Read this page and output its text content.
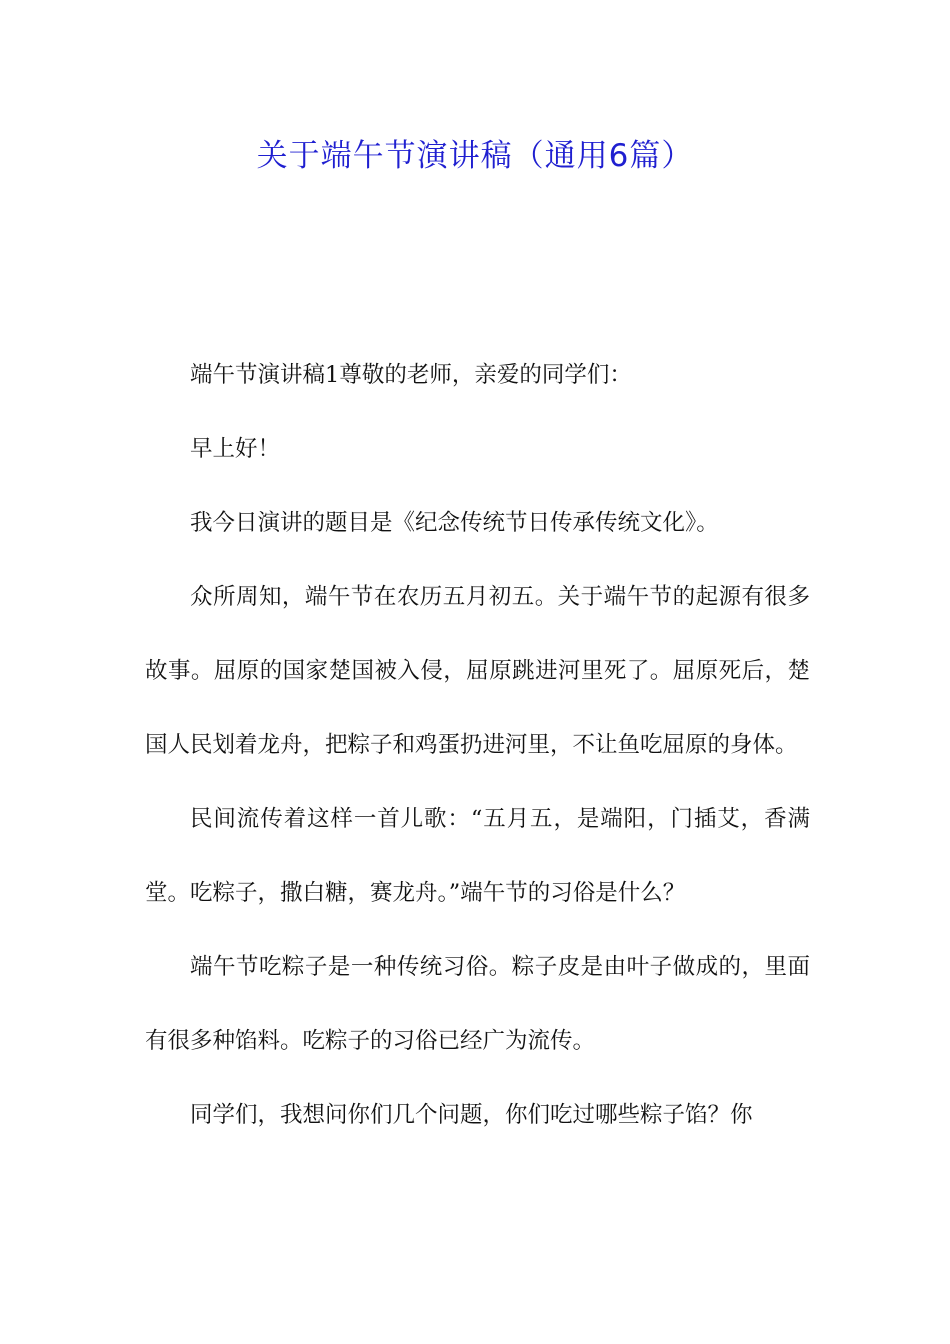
关于端午节演讲稿（通用6篇）

端午节演讲稿1尊敬的老师，亲爱的同学们：

早上好！

我今日演讲的题目是《纪念传统节日传承传统文化》。

众所周知，端午节在农历五月初五。关于端午节的起源有很多故事。屈原的国家楚国被入侵，屈原跳进河里死了。屈原死后，楚国人民划着龙舟，把粽子和鸡蛋扔进河里，不让鱼吃屈原的身体。

民间流传着这样一首儿歌：“五月五，是端阳，门插艾，香满堂。吃粽子，撒白糖，赛龙舟。”端午节的习俗是什么？

端午节吃粽子是一种传统习俗。粽子皮是由叶子做成的，里面有很多种馅料。吃粽子的习俗已经广为流传。

同学们，我想问你们几个问题，你们吃过哪些粽子馅？你
